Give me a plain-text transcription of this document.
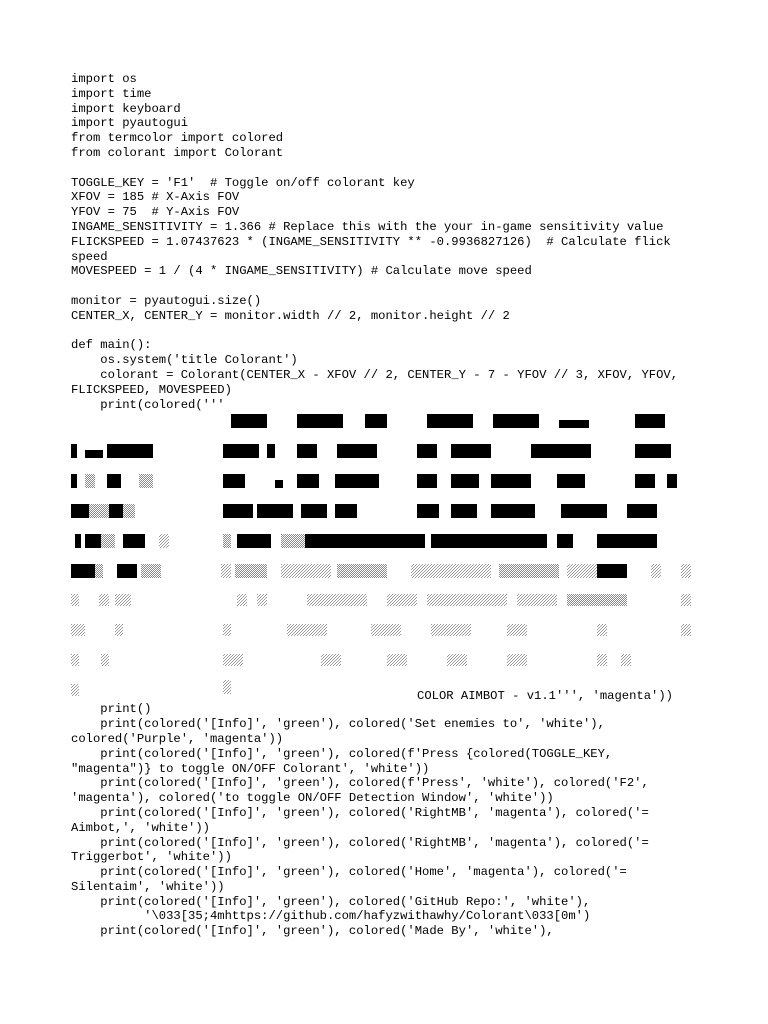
import os
import time
import keyboard
import pyautogui
from termcolor import colored
from colorant import Colorant
TOGGLE_KEY = 'F1'  # Toggle on/off colorant key
XFOV = 185 # X-Axis FOV
YFOV = 75  # Y-Axis FOV
INGAME_SENSITIVITY = 1.366 # Replace this with the your in-game sensitivity value
FLICKSPEED = 1.07437623 * (INGAME_SENSITIVITY ** -0.9936827126)  # Calculate flick
speed
MOVESPEED = 1 / (4 * INGAME_SENSITIVITY) # Calculate move speed
monitor = pyautogui.size()
CENTER_X, CENTER_Y = monitor.width // 2, monitor.height // 2
def main():
os.system('title Colorant')
colorant = Colorant(CENTER_X - XFOV // 2, CENTER_Y - 7 - YFOV // 3, XFOV, YFOV,
FLICKSPEED, MOVESPEED)
print(colored('''
COLOR AIMBOT - v1.1''', 'magenta'))
print()
print(colored('[Info]', 'green'), colored('Set enemies to', 'white'),
colored('Purple', 'magenta'))
print(colored('[Info]', 'green'), colored(f'Press {colored(TOGGLE_KEY,
"magenta")} to toggle ON/OFF Colorant', 'white'))
print(colored('[Info]', 'green'), colored(f'Press', 'white'), colored('F2',
'magenta'), colored('to toggle ON/OFF Detection Window', 'white'))
print(colored('[Info]', 'green'), colored('RightMB', 'magenta'), colored('=
Aimbot,', 'white'))
print(colored('[Info]', 'green'), colored('RightMB', 'magenta'), colored('=
Triggerbot', 'white'))
print(colored('[Info]', 'green'), colored('Home', 'magenta'), colored('=
Silentaim', 'white'))
print(colored('[Info]', 'green'), colored('GitHub Repo:', 'white'),
'\033[35;4mhttps://github.com/hafyzwithawhy/Colorant\033[0m')
print(colored('[Info]', 'green'), colored('Made By', 'white'),
